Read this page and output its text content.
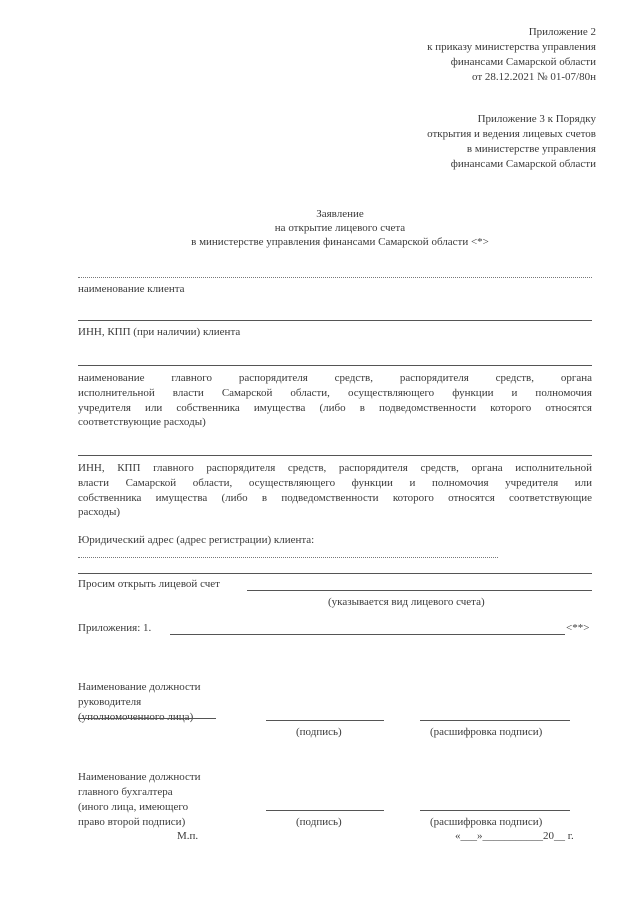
Приложение 2
к приказу министерства управления
финансами Самарской области
от 28.12.2021 № 01-07/80н
Приложение 3 к Порядку
открытия и ведения лицевых счетов
в министерстве управления
финансами Самарской области
Заявление
на открытие лицевого счета
в министерстве управления финансами Самарской области <*>
наименование клиента
ИНН, КПП (при наличии) клиента
наименование главного распорядителя средств, распорядителя средств, органа
исполнительной власти Самарской области, осуществляющего функции и полномочия
учредителя или собственника имущества (либо в подведомственности которого относятся
соответствующие расходы)
ИНН, КПП главного распорядителя средств, распорядителя средств, органа исполнительной
власти Самарской области, осуществляющего функции и полномочия учредителя или
собственника имущества (либо в подведомственности которого относятся соответствующие
расходы)
Юридический адрес (адрес регистрации) клиента:
Просим открыть лицевой счет
(указывается вид лицевого счета)
Приложения: 1.	<**>
Наименование должности
руководителя
(уполномоченного лица)
(подпись)	(расшифровка подписи)
Наименование должности
главного бухгалтера
(иного лица, имеющего
право второй подписи)	(подпись)	(расшифровка подписи)
М.п.	«___»___________20__ г.
